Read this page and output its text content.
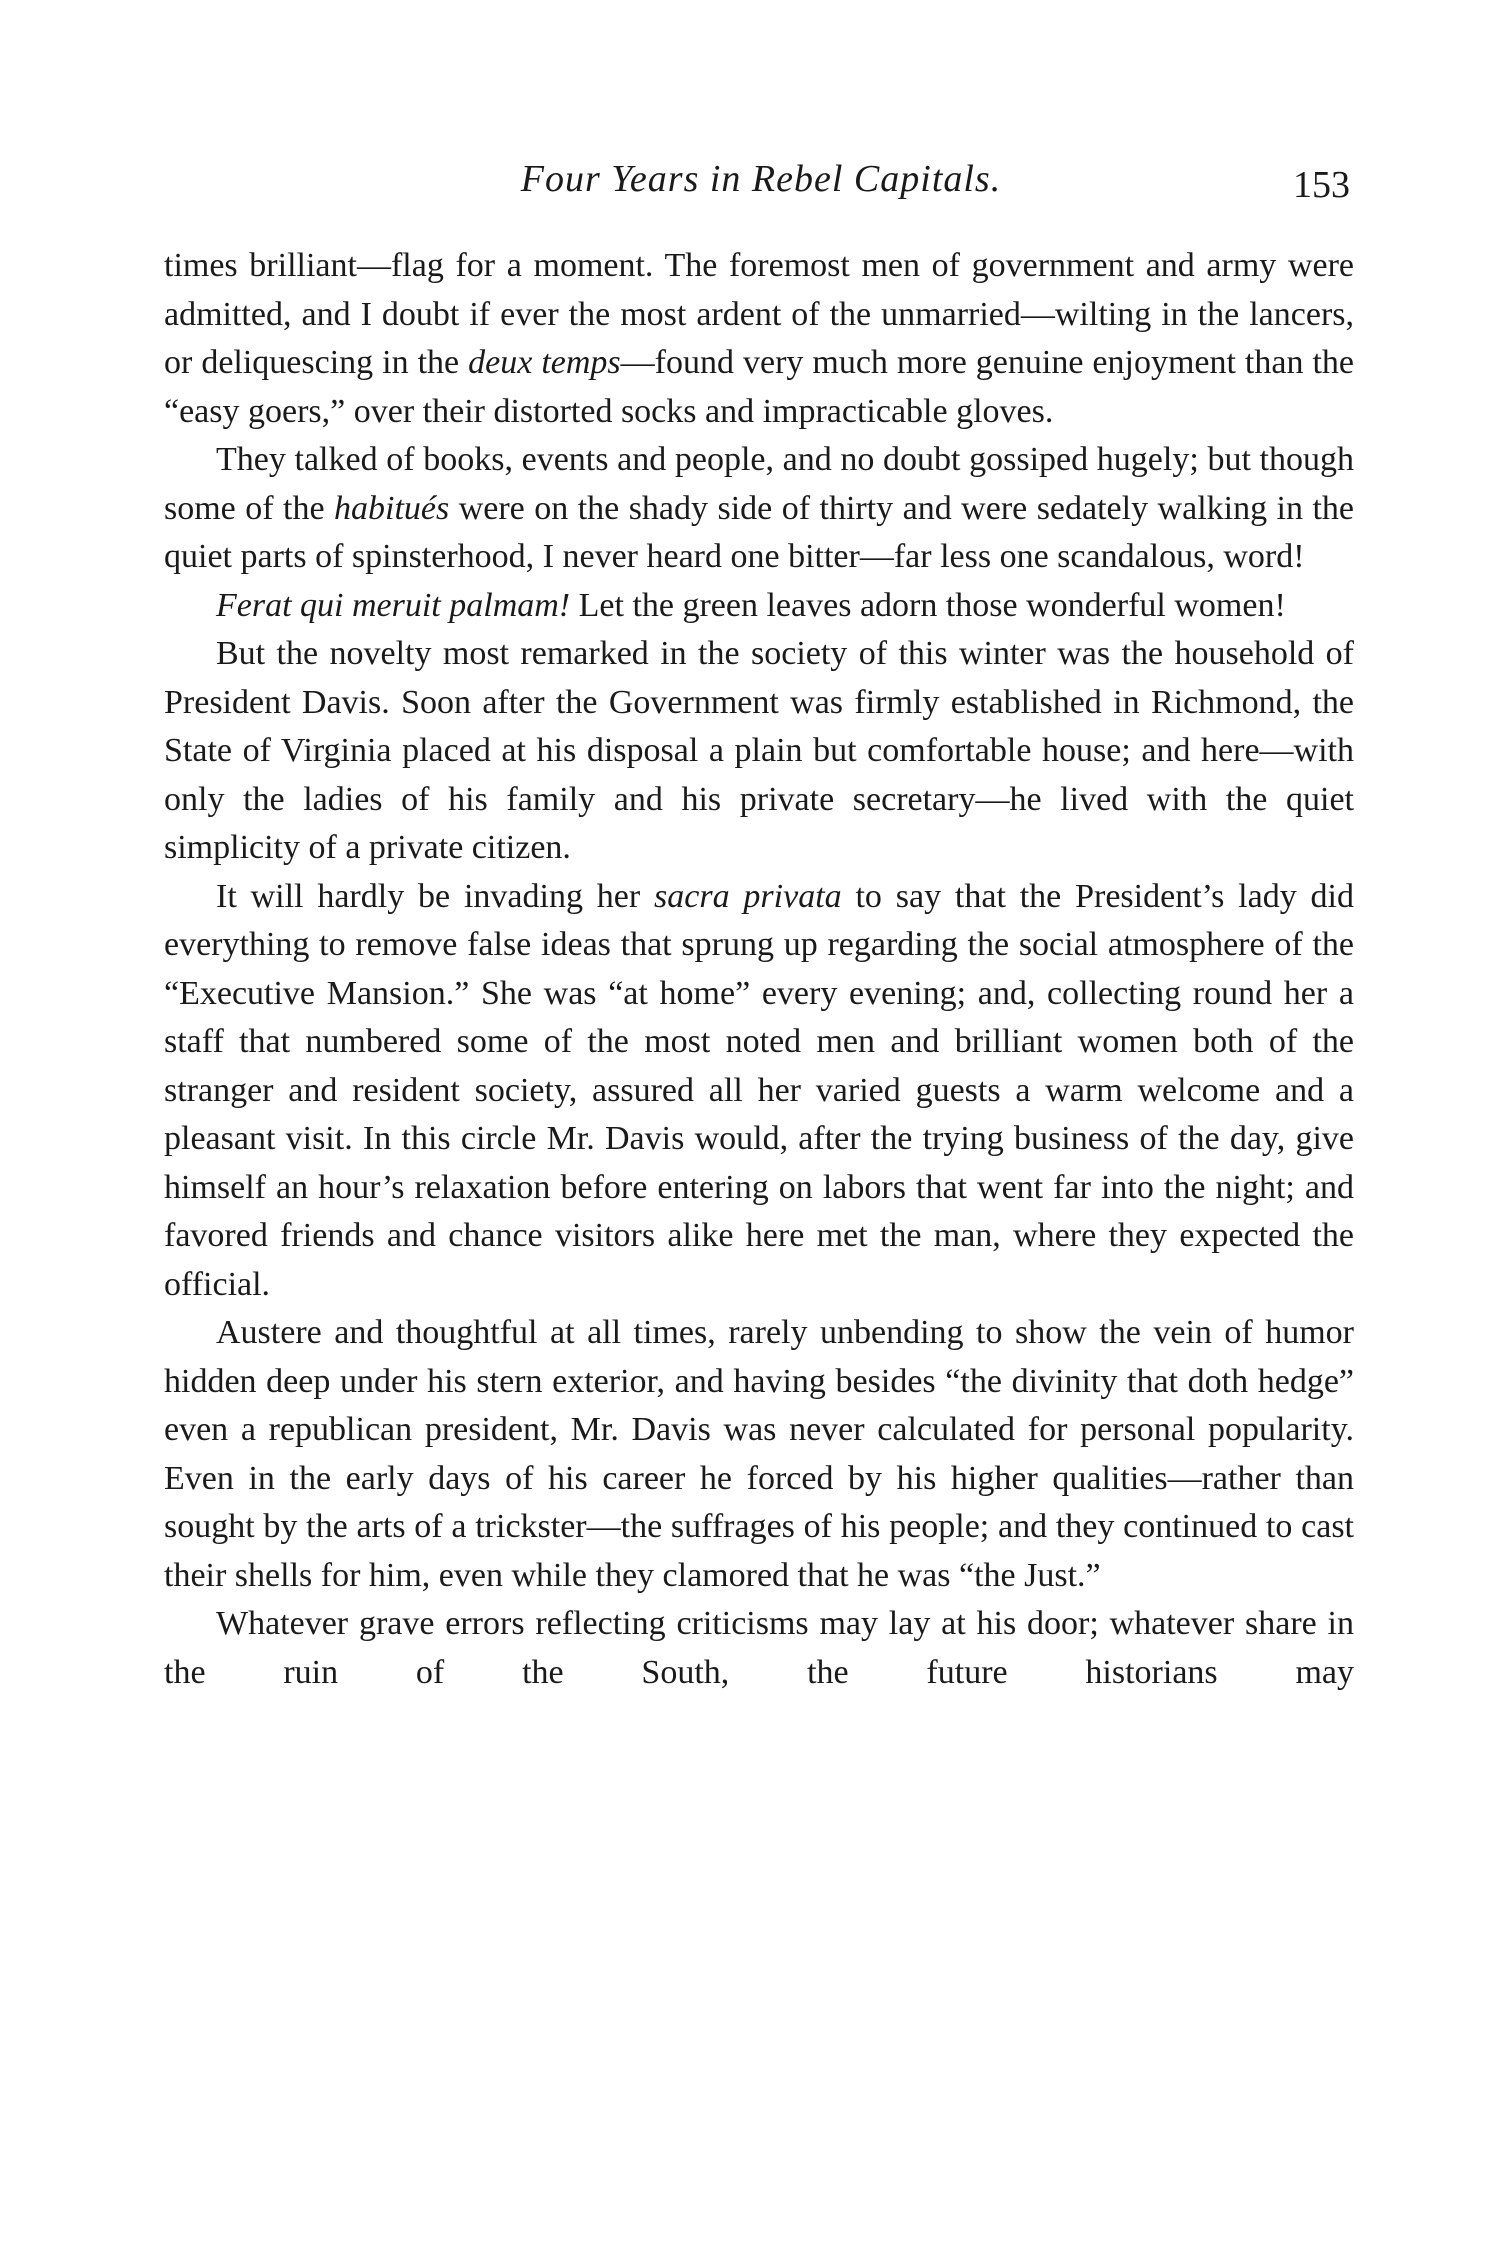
Four Years in Rebel Capitals.	153

times brilliant—flag for a moment. The foremost men of government and army were admitted, and I doubt if ever the most ardent of the unmarried—wilting in the lancers, or deliquescing in the deux temps—found very much more genuine enjoyment than the “easy goers,” over their distorted socks and impracticable gloves.

They talked of books, events and people, and no doubt gossiped hugely; but though some of the habitués were on the shady side of thirty and were sedately walking in the quiet parts of spinsterhood, I never heard one bitter—far less one scandalous, word!

Ferat qui meruit palmam! Let the green leaves adorn those wonderful women!

But the novelty most remarked in the society of this winter was the household of President Davis. Soon after the Government was firmly established in Richmond, the State of Virginia placed at his disposal a plain but comfortable house; and here—with only the ladies of his family and his private secretary—he lived with the quiet simplicity of a private citizen.

It will hardly be invading her sacra privata to say that the President’s lady did everything to remove false ideas that sprung up regarding the social atmosphere of the “Executive Mansion.” She was “at home” every evening; and, collecting round her a staff that numbered some of the most noted men and brilliant women both of the stranger and resident society, assured all her varied guests a warm welcome and a pleasant visit. In this circle Mr. Davis would, after the trying business of the day, give himself an hour’s relaxation before entering on labors that went far into the night; and favored friends and chance visitors alike here met the man, where they expected the official.

Austere and thoughtful at all times, rarely unbending to show the vein of humor hidden deep under his stern exterior, and having besides “the divinity that doth hedge” even a republican president, Mr. Davis was never calculated for personal popularity. Even in the early days of his career he forced by his higher qualities—rather than sought by the arts of a trickster—the suffrages of his people; and they continued to cast their shells for him, even while they clamored that he was “the Just.”

Whatever grave errors reflecting criticisms may lay at his door; whatever share in the ruin of the South, the future historians may
